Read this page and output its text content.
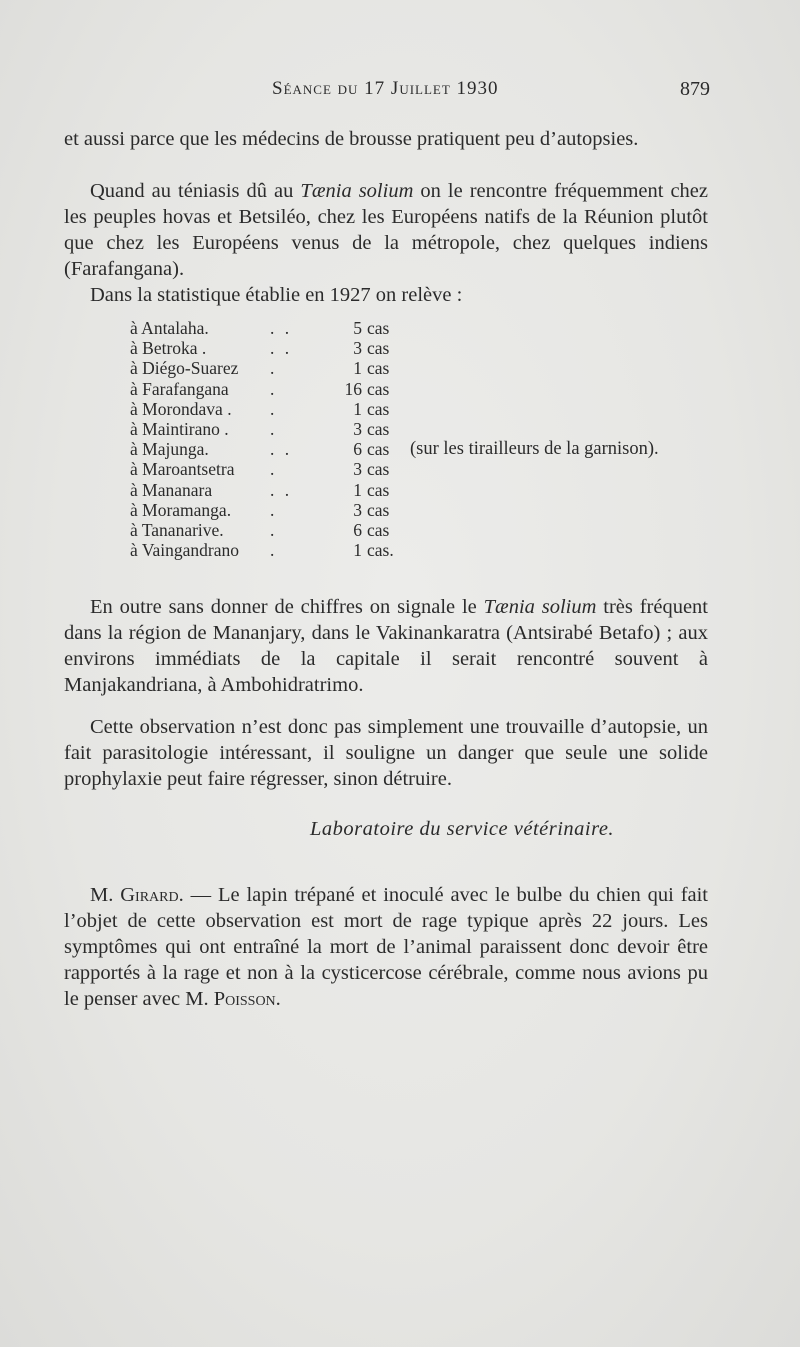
Séance du 17 Juillet 1930	879

et aussi parce que les médecins de brousse pratiquent peu d’autopsies.

Quand au téniasis dû au Tænia solium on le rencontre fréquemment chez les peuples hovas et Betsiléo, chez les Européens natifs de la Réunion plutôt que chez les Européens venus de la métropole, chez quelques indiens (Farafangana).

Dans la statistique établie en 1927 on relève :

à Antalaha.	. .	5 cas
à Betroka .	. .	3 cas
à Diégo-Suarez .	1 cas
à Farafangana .	16 cas
à Morondava . .	1 cas
à Maintirano . .	3 cas
à Majunga.	. .	6 cas (sur les tirailleurs de la garnison).
à Maroantsetra .	3 cas
à Mananara	. .	1 cas
à Moramanga. .	3 cas
à Tananarive.	.	6 cas
à Vaingandrano .	1 cas.

En outre sans donner de chiffres on signale le Tænia solium très fréquent dans la région de Mananjary, dans le Vakinankaratra (Antsirabé Betafo) ; aux environs immédiats de la capitale il serait rencontré souvent à Manjakandriana, à Ambohidratrimo.

Cette observation n’est donc pas simplement une trouvaille d’autopsie, un fait parasitologie intéressant, il souligne un danger que seule une solide prophylaxie peut faire régresser, sinon détruire.

Laboratoire du service vétérinaire.

M. Girard. — Le lapin trépané et inoculé avec le bulbe du chien qui fait l’objet de cette observation est mort de rage typique après 22 jours. Les symptômes qui ont entraîné la mort de l’animal paraissent donc devoir être rapportés à la rage et non à la cysticercose cérébrale, comme nous avions pu le penser avec M. Poisson.
